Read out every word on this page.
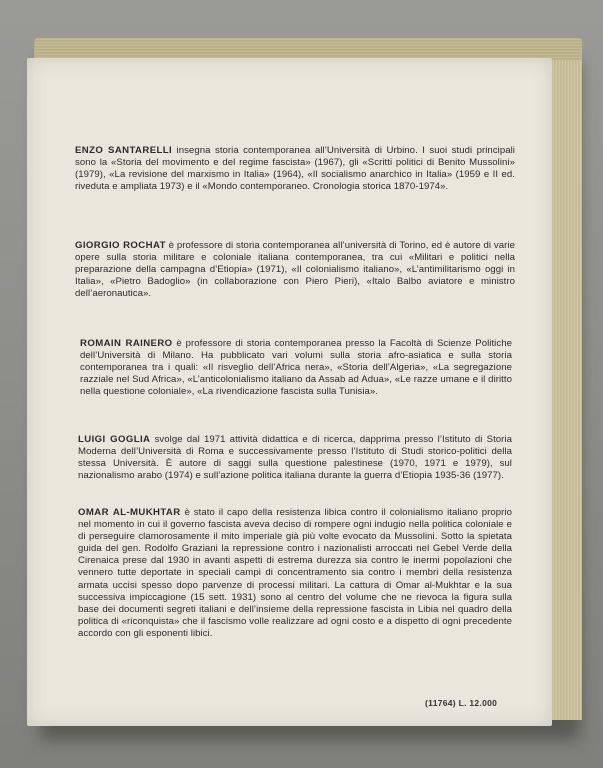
ENZO SANTARELLI insegna storia contemporanea all’Università di Urbino. I suoi studi principali sono la «Storia del movimento e del regime fascista» (1967), gli «Scritti politici di Benito Mussolini» (1979), «La revisione del marxismo in Italia» (1964), «Il socialismo anarchico in Italia» (1959 e II ed. riveduta e ampliata 1973) e il «Mondo contemporaneo. Cronologia storica 1870-1974».

GIORGIO ROCHAT è professore di storia contemporanea all’università di Torino, ed è autore di varie opere sulla storia militare e coloniale italiana contemporanea, tra cui «Militari e politici nella preparazione della campagna d’Etiopia» (1971), «Il colonialismo italiano», «L’antimilitarismo oggi in Italia», «Pietro Badoglio» (in collaborazione con Piero Pieri), «Italo Balbo aviatore e ministro dell’aeronautica».

ROMAIN RAINERO è professore di storia contemporanea presso la Facoltà di Scienze Politiche dell’Università di Milano. Ha pubblicato vari volumi sulla storia afro-asiatica e sulla storia contemporanea tra i quali: «Il risveglio dell’Africa nera», «Storia dell’Algeria», «La segregazione razziale nel Sud Africa», «L’anticolonialismo italiano da Assab ad Adua», «Le razze umane e il diritto nella questione coloniale», «La rivendicazione fascista sulla Tunisia».

LUIGI GOGLIA svolge dal 1971 attività didattica e di ricerca, dapprima presso l’Istituto di Storia Moderna dell’Università di Roma e successivamente presso l’Istituto di Studi storico-politici della stessa Università. È autore di saggi sulla questione palestinese (1970, 1971 e 1979), sul nazionalismo arabo (1974) e sull’azione politica italiana durante la guerra d’Etiopia 1935-36 (1977).

OMAR AL-MUKHTAR è stato il capo della resistenza libica contro il colonialismo italiano proprio nel momento in cui il governo fascista aveva deciso di rompere ogni indugio nella politica coloniale e di perseguire clamorosamente il mito imperiale già più volte evocato da Mussolini. Sotto la spietata guida del gen. Rodolfo Graziani la repressione contro i nazionalisti arroccati nel Gebel Verde della Cirenaica prese dal 1930 in avanti aspetti di estrema durezza sia contro le inermi popolazioni che vennero tutte deportate in speciali campi di concentramento sia contro i membri della resistenza armata uccisi spesso dopo parvenze di processi militari. La cattura di Omar al-Mukhtar e la sua successiva impiccagione (15 sett. 1931) sono al centro del volume che ne rievoca la figura sulla base dei documenti segreti italiani e dell’insieme della repressione fascista in Libia nel quadro della politica di «riconquista» che il fascismo volle realizzare ad ogni costo e a dispetto di ogni precedente accordo con gli esponenti libici.

(11764) L. 12.000
